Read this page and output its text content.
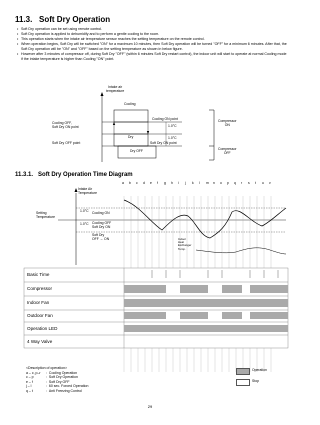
11.3. Soft Dry Operation
• Soft Dry operation can be set using remote control.
• Soft Dry operation is applied to dehumidify and to perform a gentle cooling to the room.
• This operation starts when the intake air temperature sensor reaches the setting temperature on the remote control.
• When operation begins, Soft Dry will be switched "ON" for a maximum 10 minutes, then Soft Dry operation will be turned "OFF" for a minimum 6 minutes. After that, the Soft Dry operation will be "ON" and "OFF" based on the setting temperature as shown in below figure.
• However after 3 minutes of compressor off, during Soft Dry "OFF" (within 6 minutes Soft Dry restart control), the indoor unit will start to operate at normal Cooling mode if the intake temperature is higher than Cooling "ON" point.
Intake air
temperature
Cooling
Cooling ON point
1.0°C
1.0°C
Cooling OFF,
Soft Dry ON point
Soft Dry OFF point	Soft Dry ON point
Dry
Dry OFF
Compressor
ON
Compressor
OFF
11.3.1. Soft Dry Operation Time Diagram
Intake Air
Temperature
Setting
Temperature
1.0°C
1.0°C
Cooling ON
Cooling OFF
Soft Dry ON
Soft Dry
OFF → ON	Indoor
Heat
Exchanger
Temp.
a b c d e f g h i j k l m n o p q r s t u v
Basic Time
Compressor
Indoor Fan
Outdoor Fan
Operation LED
4 Way Valve
<Description of operation>
a – c, p–r :  Cooling Operation
c – p	:  Soft Dry Operation
e – f	:  Soft Dry OFF
j – l	:  60 sec. Forced Operation
q – t	:  Anti Freezing Control
Operation
Stop
29
